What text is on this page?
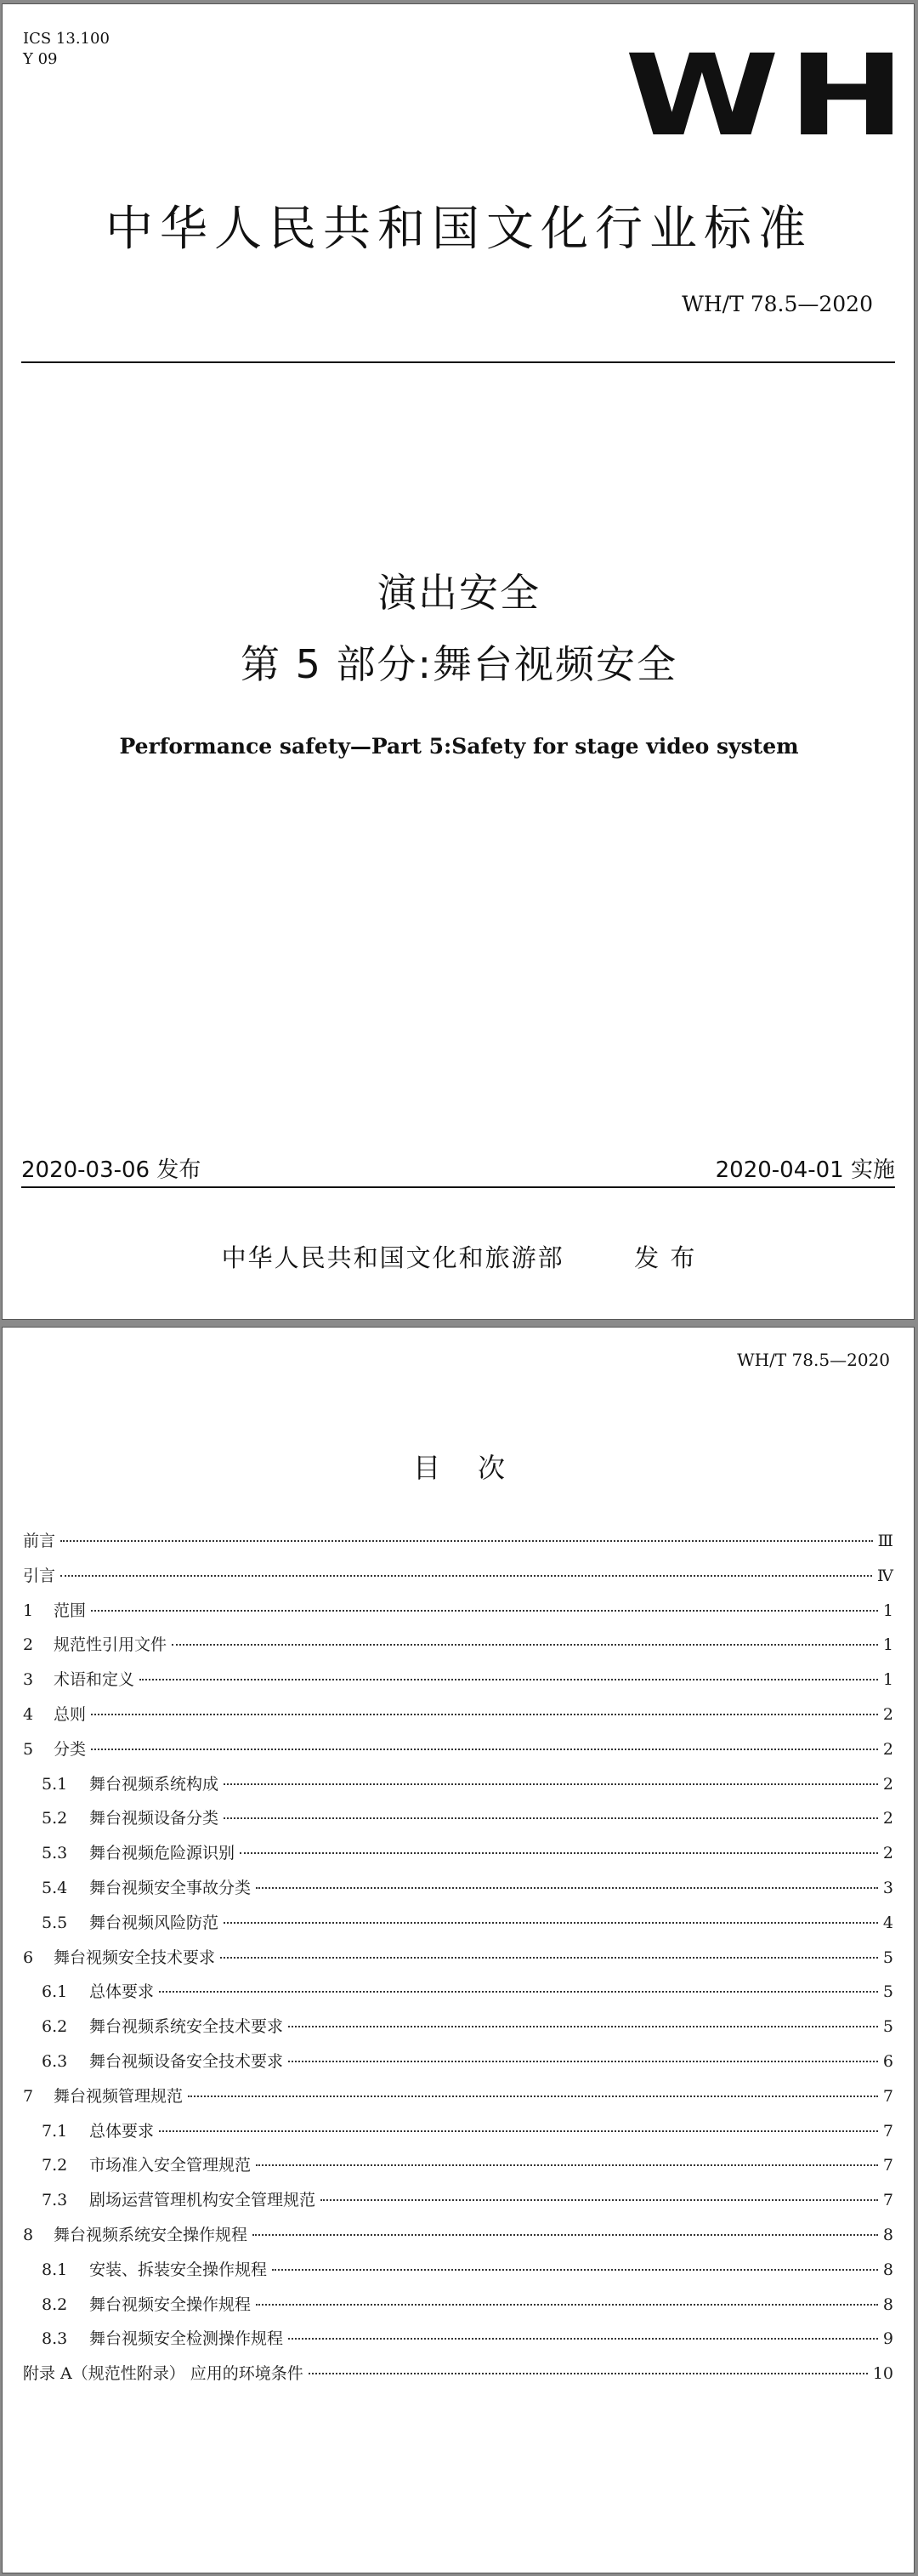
ICS 13.100
Y 09	WH
中华人民共和国文化行业标准
WH/T 78.5—2020
演出安全
第 5 部分:舞台视频安全
Performance safety—Part 5:Safety for stage video system
2020-03-06 发布	2020-04-01 实施
中华人民共和国文化和旅游部	发 布
WH/T 78.5—2020
目次
前言	Ⅲ
引言	Ⅳ
1	范围	1
2	规范性引用文件	1
3	术语和定义	1
4	总则	2
5	分类	2
5.1	舞台视频系统构成	2
5.2	舞台视频设备分类	2
5.3	舞台视频危险源识别	2
5.4	舞台视频安全事故分类	3
5.5	舞台视频风险防范	4
6	舞台视频安全技术要求	5
6.1	总体要求	5
6.2	舞台视频系统安全技术要求	5
6.3	舞台视频设备安全技术要求	6
7	舞台视频管理规范	7
7.1	总体要求	7
7.2	市场准入安全管理规范	7
7.3	剧场运营管理机构安全管理规范	7
8	舞台视频系统安全操作规程	8
8.1	安装、拆装安全操作规程	8
8.2	舞台视频安全操作规程	8
8.3	舞台视频安全检测操作规程	9
附录 A（规范性附录） 应用的环境条件	10
